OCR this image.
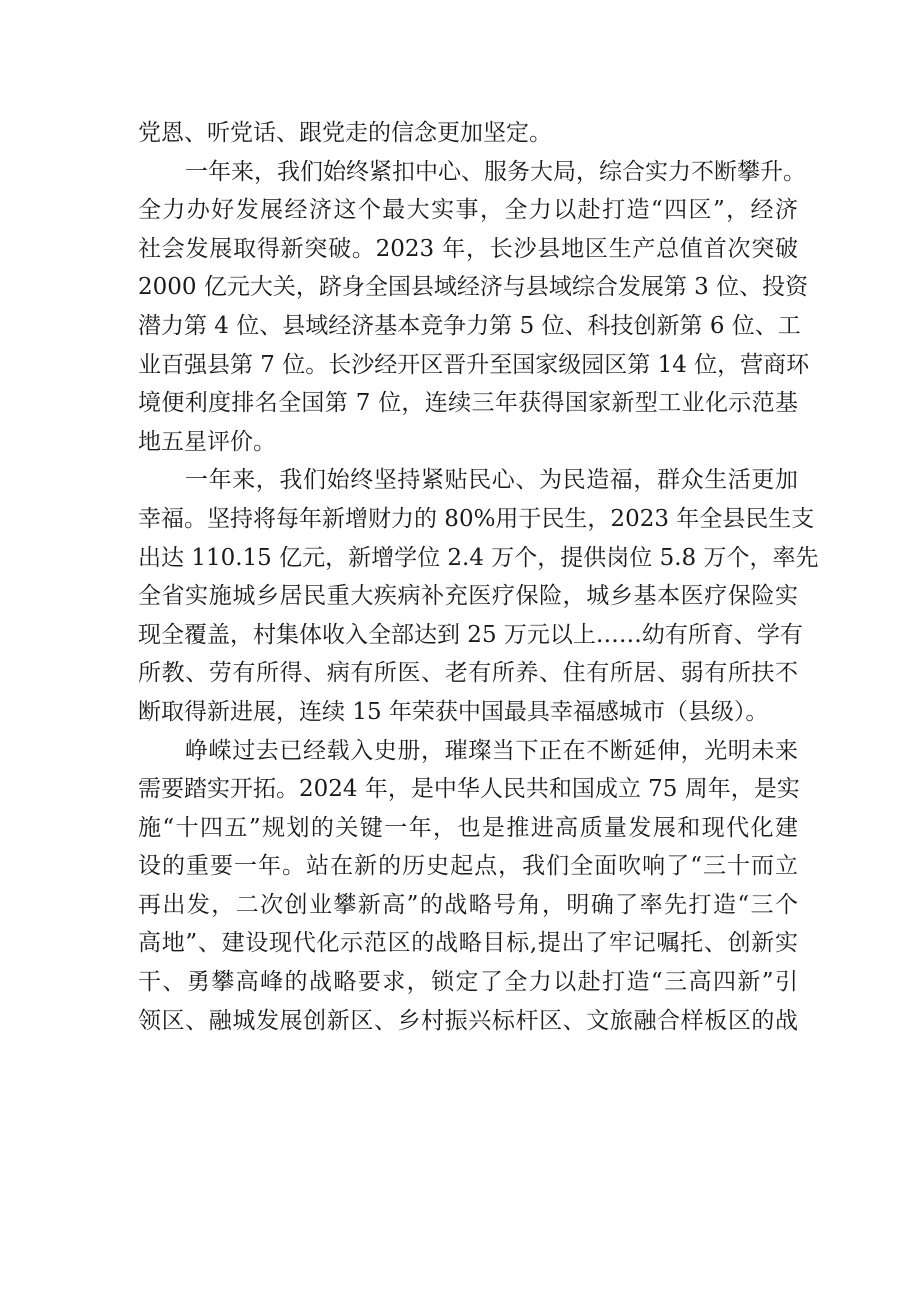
党恩、听党话、跟党走的信念更加坚定。
一年来，我们始终紧扣中心、服务大局，综合实力不断攀升。
全力办好发展经济这个最大实事，全力以赴打造“四区”，经济
社会发展取得新突破。2023 年，长沙县地区生产总值首次突破
2000 亿元大关，跻身全国县域经济与县域综合发展第 3 位、投资
潜力第 4 位、县域经济基本竞争力第 5 位、科技创新第 6 位、工
业百强县第 7 位。长沙经开区晋升至国家级园区第 14 位，营商环
境便利度排名全国第 7 位，连续三年获得国家新型工业化示范基
地五星评价。
一年来，我们始终坚持紧贴民心、为民造福，群众生活更加
幸福。坚持将每年新增财力的 80%用于民生，2023 年全县民生支
出达 110.15 亿元，新增学位 2.4 万个，提供岗位 5.8 万个，率先
全省实施城乡居民重大疾病补充医疗保险，城乡基本医疗保险实
现全覆盖，村集体收入全部达到 25 万元以上……幼有所育、学有
所教、劳有所得、病有所医、老有所养、住有所居、弱有所扶不
断取得新进展，连续 15 年荣获中国最具幸福感城市（县级）。
峥嵘过去已经载入史册，璀璨当下正在不断延伸，光明未来
需要踏实开拓。2024 年，是中华人民共和国成立 75 周年，是实
施“十四五”规划的关键一年，也是推进高质量发展和现代化建
设的重要一年。站在新的历史起点，我们全面吹响了“三十而立
再出发，二次创业攀新高”的战略号角，明确了率先打造“三个
高地”、建设现代化示范区的战略目标,提出了牢记嘱托、创新实
干、勇攀高峰的战略要求，锁定了全力以赴打造“三高四新”引
领区、融城发展创新区、乡村振兴标杆区、文旅融合样板区的战
